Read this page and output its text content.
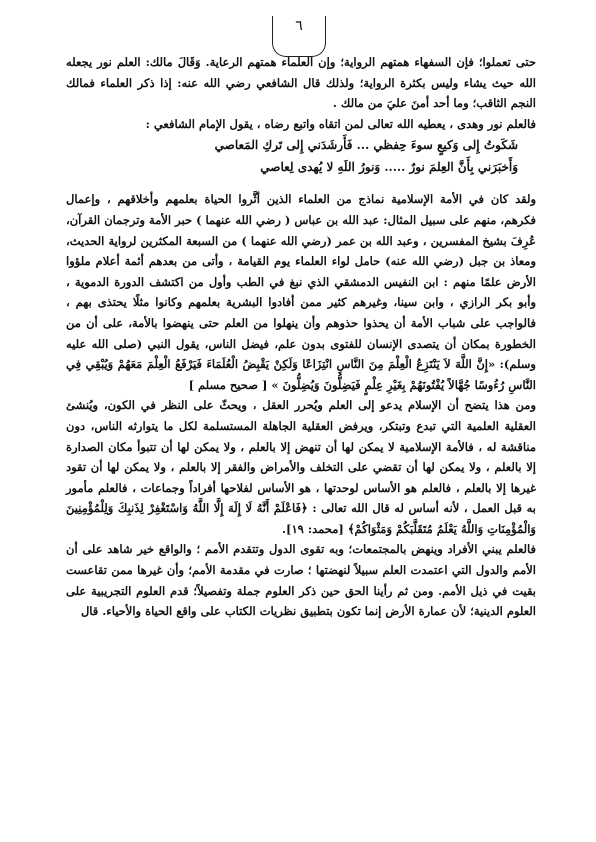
٦

حتى تعملوا؛ فإن السفهاء همتهم الرواية؛ وإن العلماء همتهم الرعاية. وَقَالَ مالك: العلم نور يجعله الله حيث يشاء وليس بكثرة الرواية؛ ولذلك قال الشافعي رضي الله عنه: إذا ذكر العلماء فمالك النجم الثاقب؛ وما أحد أمنَ عليَ من مالك .

فالعلم نور وهدى ، يعطيه الله تعالى لمن اتقاه واتبع رضاه ، يقول الإمام الشافعي :

شَكَوتُ إِلى وَكيعٍ سوءَ حِفظي ... فَأَرشَدَني إِلى تَركِ المَعاصي
وَأَخبَرَني بِأَنَّ العِلمَ نورٌ ..... وَنورُ اللَهِ لا يُهدى لِعاصي

ولقد كان في الأمة الإسلامية نماذج من العلماء الذين أثَّروا الحياة بعلمهم وأخلاقهم ، وإعمال فكرهم، منهم على سبيل المثال: عبد الله بن عباس ( رضي الله عنهما ) حبر الأمة وترجمان القرآن، عُرِفَ بشيخ المفسرين ، وعبد الله بن عمر (رضي الله عنهما ) من السبعة المكثرين لرواية الحديث، ومعاذ بن جبل (رضي الله عنه) حامل لواء العلماء يوم القيامة ، وأتى من بعدهم أئمة أعلام ملؤوا الأرض علمًا منهم : ابن النفيس الدمشقي الذي نبغ في الطب وأول من اكتشف الدورة الدموية ، وأبو بكر الرازي ، وابن سينا، وغيرهم كثير ممن أفادوا البشرية بعلمهم وكانوا مثلًا يحتذى بهم ، فالواجب على شباب الأمة أن يحذوا حذوهم وأن ينهلوا من العلم حتى ينهضوا بالأمة، على أن من الخطورة بمكان أن يتصدى الإنسان للفتوى بدون علم، فيضل الناس، يقول النبي (صلى الله عليه وسلم): «إِنَّ اللَّهَ لاَ يَنْتَزِعُ الْعِلْمَ مِنَ النَّاسِ انْتِزَاعًا وَلَكِنْ يَقْبِضُ الْعُلَمَاءَ فَيَرْفَعُ الْعِلْمَ مَعَهُمْ وَيُبْقِي فِي النَّاسِ رُءُوسًا جُهَّالاً يُفْتُونَهُمْ بِغَيْرِ عِلْمٍ فَيَضِلُّونَ وَيُضِلُّونَ » [ صحيح مسلم ]

ومن هذا يتضح أن الإسلام يدعو إلى العلم ويُحرر العقل ، ويحثّ على النظر في الكون، ويُنشئ العقلية العلمية التي تبدع وتبتكر، ويرفض العقلية الجاهلة المستسلمة لكل ما يتوارثه الناس، دون مناقشة له ، فالأمة الإسلامية لا يمكن لها أن تنهض إلا بالعلم ، ولا يمكن لها أن تتبوأ مكان الصدارة إلا بالعلم ، ولا يمكن لها أن تقضي على التخلف والأمراض والفقر إلا بالعلم ، ولا يمكن لها أن تقود غيرها إلا بالعلم ، فالعلم هو الأساس لوحدتها ، هو الأساس لفلاحها أفراداً وجماعات ، فالعلم مأمور به قبل العمل ، لأنه أساس له قال الله تعالى : ﴿فَاعْلَمْ أَنَّهُ لَا إِلَهَ إِلَّا اللَّهُ وَاسْتَغْفِرْ لِذَنبِكَ وَلِلْمُؤْمِنِينَ وَالْمُؤْمِنَاتِ وَاللَّهُ يَعْلَمُ مُتَقَلَّبَكُمْ وَمَثْوَاكُمْ﴾ [محمد: ١٩].

فالعلم يبني الأفراد وينهض بالمجتمعات؛ وبه تقوى الدول وتتقدم الأمم ؛ والواقع خير شاهد على أن الأمم والدول التي اعتمدت العلم سبيلاً لنهضتها ؛ صارت في مقدمة الأمم؛ وأن غيرها ممن تقاعست بقيت في ذيل الأمم. ومن ثم رأينا الحق حين ذكر العلوم جملة وتفصيلاً؛ قدم العلوم التجريبية على العلوم الدينية؛ لأن عمارة الأرض إنما تكون بتطبيق نظريات الكتاب على واقع الحياة والأحياء. قال
